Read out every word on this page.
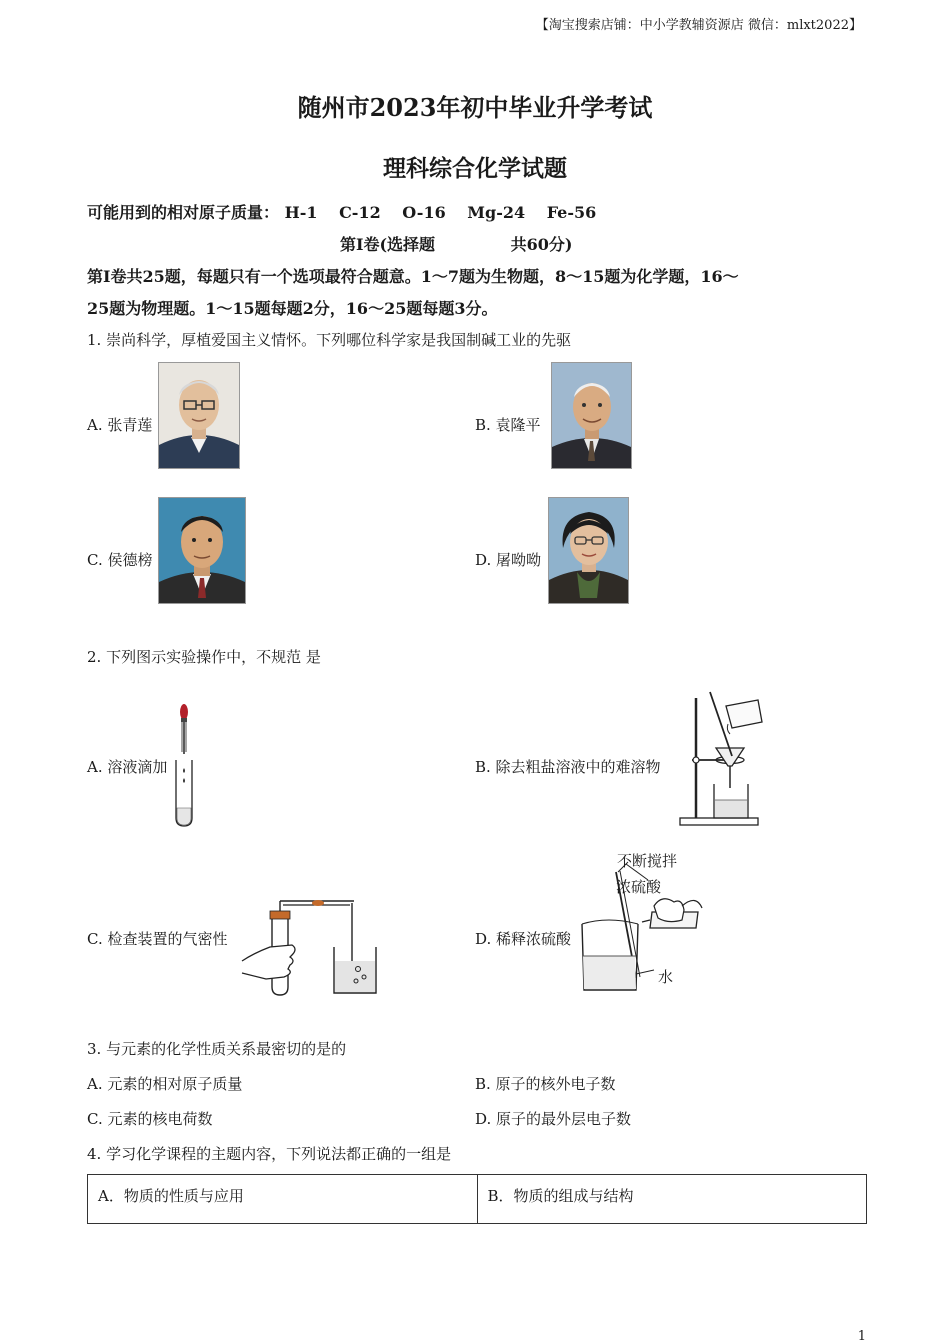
【淘宝搜索店铺：中小学教辅资源店 微信：mlxt2022】
随州市2023年初中毕业升学考试
理科综合化学试题
可能用到的相对原子质量： H-1 C-12 O-16 Mg-24 Fe-56
第Ⅰ卷(选择题	共60分)
第Ⅰ卷共25题，每题只有一个选项最符合题意。1～7题为生物题，8～15题为化学题，16～
25题为物理题。1～15题每题2分，16～25题每题3分。
1. 崇尚科学，厚植爱国主义情怀。下列哪位科学家是我国制碱工业的先驱
A. 张青莲	B. 袁隆平
C. 侯德榜	D. 屠呦呦
2. 下列图示实验操作中，不规范 是
A. 溶液滴加	B. 除去粗盐溶液中的难溶物
C. 检查装置的气密性	D. 稀释浓硫酸
不断搅拌
浓硫酸
水
3. 与元素的化学性质关系最密切的是的
A. 元素的相对原子质量	B. 原子的核外电子数
C. 元素的核电荷数	D. 原子的最外层电子数
4. 学习化学课程的主题内容，下列说法都正确的一组是
A．物质的性质与应用	B．物质的组成与结构
1
